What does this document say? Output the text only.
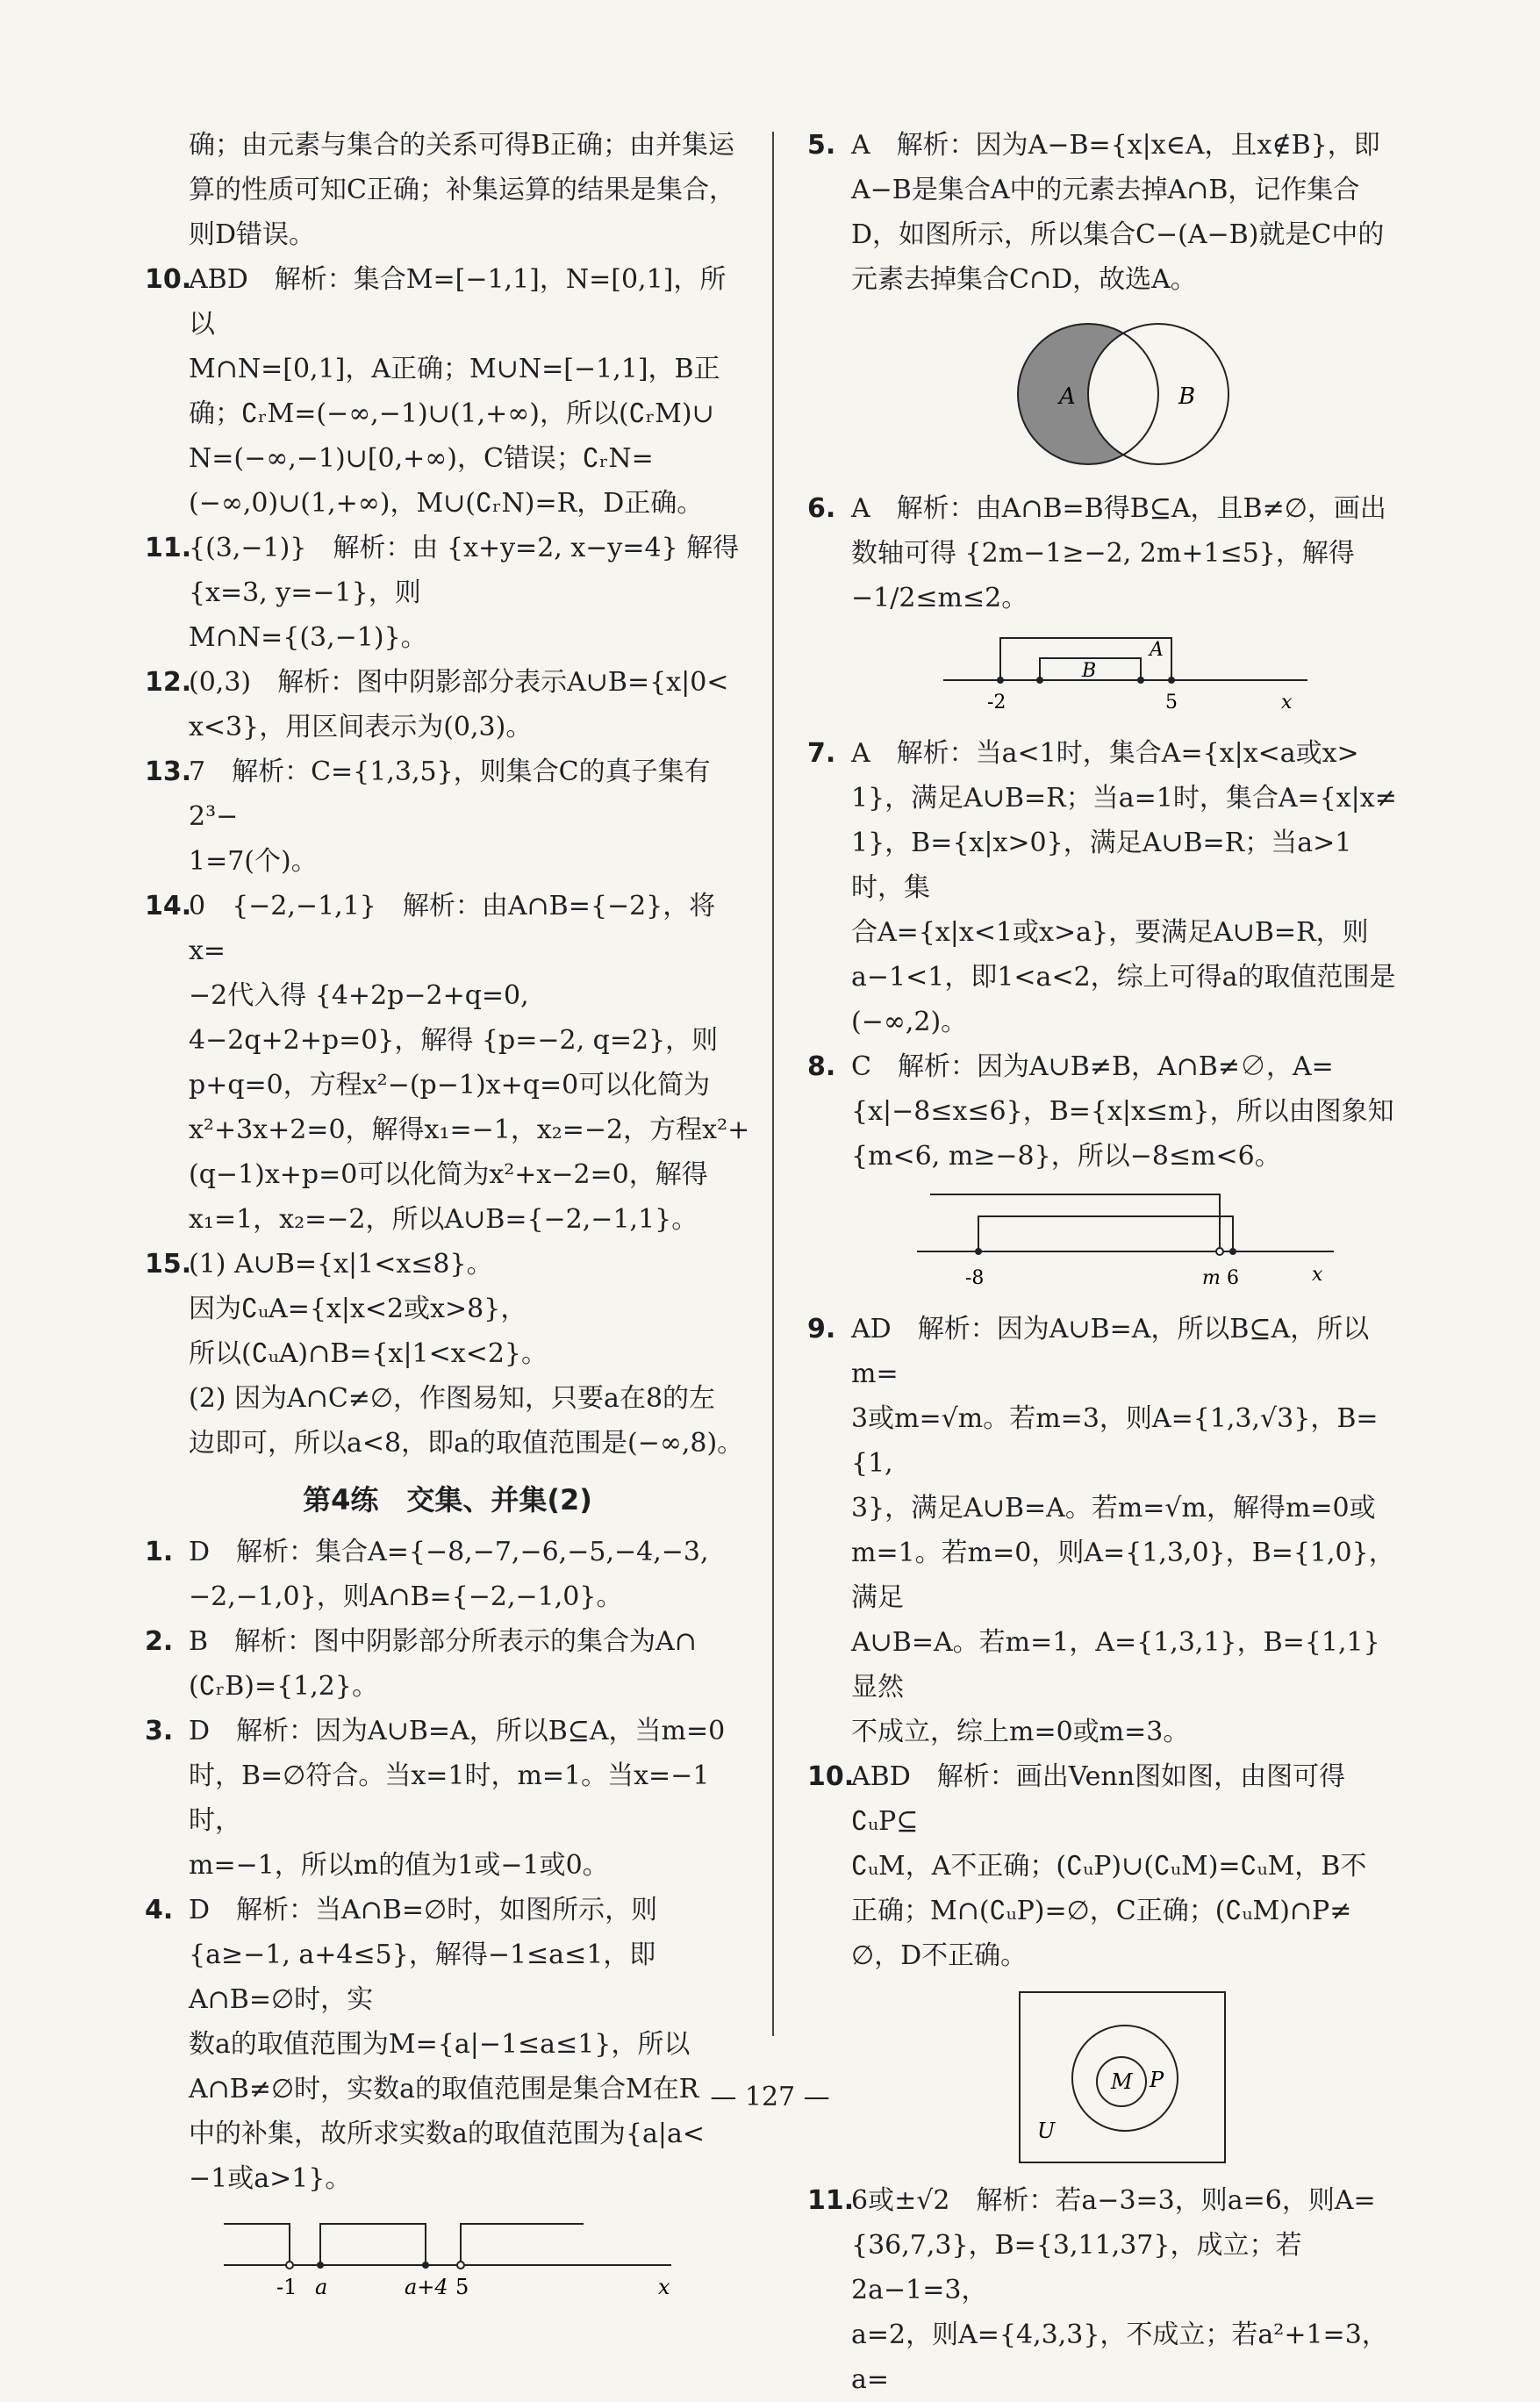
确；由元素与集合的关系可得B正确；由并集运
算的性质可知C正确；补集运算的结果是集合，
则D错误。
10.
ABD　解析：集合M=[−1,1]，N=[0,1]，所以
M∩N=[0,1]，A正确；M∪N=[−1,1]，B正
确；∁ᵣM=(−∞,−1)∪(1,+∞)，所以(∁ᵣM)∪
N=(−∞,−1)∪[0,+∞)，C错误；∁ᵣN=
(−∞,0)∪(1,+∞)，M∪(∁ᵣN)=R，D正确。
11.
{(3,−1)}　解析：由 {x+y=2, x−y=4} 解得 {x=3, y=−1}，则
M∩N={(3,−1)}。
12.
(0,3)　解析：图中阴影部分表示A∪B={x|0<
x<3}，用区间表示为(0,3)。
13.
7　解析：C={1,3,5}，则集合C的真子集有2³−
1=7(个)。
14.
0　{−2,−1,1}　解析：由A∩B={−2}，将x=
−2代入得 {4+2p−2+q=0, 4−2q+2+p=0}，解得 {p=−2, q=2}，则
p+q=0，方程x²−(p−1)x+q=0可以化简为
x²+3x+2=0，解得x₁=−1，x₂=−2，方程x²+
(q−1)x+p=0可以化简为x²+x−2=0，解得
x₁=1，x₂=−2，所以A∪B={−2,−1,1}。
15.
(1) A∪B={x|1<x≤8}。
因为∁ᵤA={x|x<2或x>8}，
所以(∁ᵤA)∩B={x|1<x<2}。
(2) 因为A∩C≠∅，作图易知，只要a在8的左
边即可，所以a<8，即a的取值范围是(−∞,8)。
第4练　交集、并集(2)
1. D　解析：集合A={−8,−7,−6,−5,−4,−3,
−2,−1,0}，则A∩B={−2,−1,0}。
2. B　解析：图中阴影部分所表示的集合为A∩
(∁ᵣB)={1,2}。
3. D　解析：因为A∪B=A，所以B⊆A，当m=0
时，B=∅符合。当x=1时，m=1。当x=−1时，
m=−1，所以m的值为1或−1或0。
4. D　解析：当A∩B=∅时，如图所示，则
{a≥−1, a+4≤5}，解得−1≤a≤1，即A∩B=∅时，实
数a的取值范围为M={a|−1≤a≤1}，所以
A∩B≠∅时，实数a的取值范围是集合M在R
中的补集，故所求实数a的取值范围为{a|a<
−1或a>1}。
-1 a	a+4 5	x
5. A　解析：因为A−B={x|x∈A，且x∉B}，即
A−B是集合A中的元素去掉A∩B，记作集合
D，如图所示，所以集合C−(A−B)就是C中的
元素去掉集合C∩D，故选A。
A	B
6. A　解析：由A∩B=B得B⊆A，且B≠∅，画出
数轴可得 {2m−1≥−2, 2m+1≤5}，解得−1/2≤m≤2。
A
B
-2	5	x
7. A　解析：当a<1时，集合A={x|x<a或x>
1}，满足A∪B=R；当a=1时，集合A={x|x≠
1}，B={x|x>0}，满足A∪B=R；当a>1时，集
合A={x|x<1或x>a}，要满足A∪B=R，则
a−1<1，即1<a<2，综上可得a的取值范围是
(−∞,2)。
8. C　解析：因为A∪B≠B，A∩B≠∅，A=
{x|−8≤x≤6}，B={x|x≤m}，所以由图象知
{m<6, m≥−8}，所以−8≤m<6。
-8	m 6	x
9. AD　解析：因为A∪B=A，所以B⊆A，所以m=
3或m=√m。若m=3，则A={1,3,√3}，B={1,
3}，满足A∪B=A。若m=√m，解得m=0或
m=1。若m=0，则A={1,3,0}，B={1,0}，满足
A∪B=A。若m=1，A={1,3,1}，B={1,1}显然
不成立，综上m=0或m=3。
10.
ABD　解析：画出Venn图如图，由图可得∁ᵤP⊆
∁ᵤM，A不正确；(∁ᵤP)∪(∁ᵤM)=∁ᵤM，B不
正确；M∩(∁ᵤP)=∅，C正确；(∁ᵤM)∩P≠
∅，D不正确。
M P
U
11.
6或±√2　解析：若a−3=3，则a=6，则A=
{36,7,3}，B={3,11,37}，成立；若2a−1=3，
a=2，则A={4,3,3}，不成立；若a²+1=3，a=
— 127 —
